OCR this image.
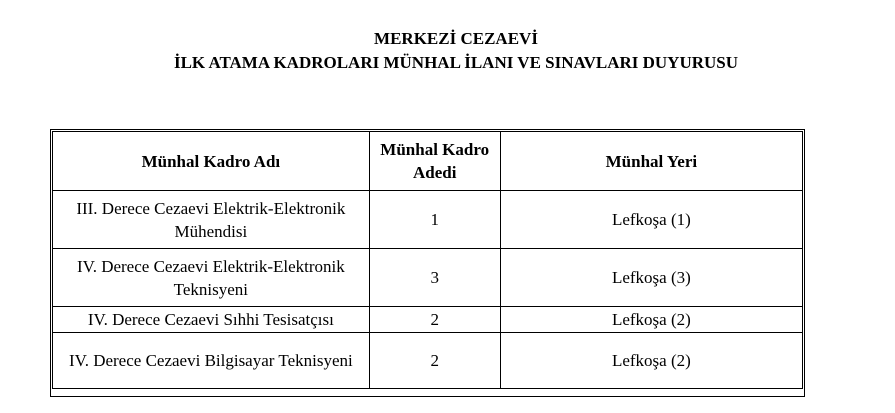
MERKEZİ CEZAEVİ
İLK ATAMA KADROLARI MÜNHAL İLANI VE SINAVLARI DUYURUSU
Münhal Kadro Adı	Münhal Kadro Adedi	Münhal Yeri
III. Derece Cezaevi Elektrik-Elektronik Mühendisi	1	Lefkoşa (1)
IV. Derece Cezaevi Elektrik-Elektronik Teknisyeni	3	Lefkoşa (3)
IV. Derece Cezaevi Sıhhi Tesisatçısı	2	Lefkoşa (2)
IV. Derece Cezaevi Bilgisayar Teknisyeni	2	Lefkoşa (2)
